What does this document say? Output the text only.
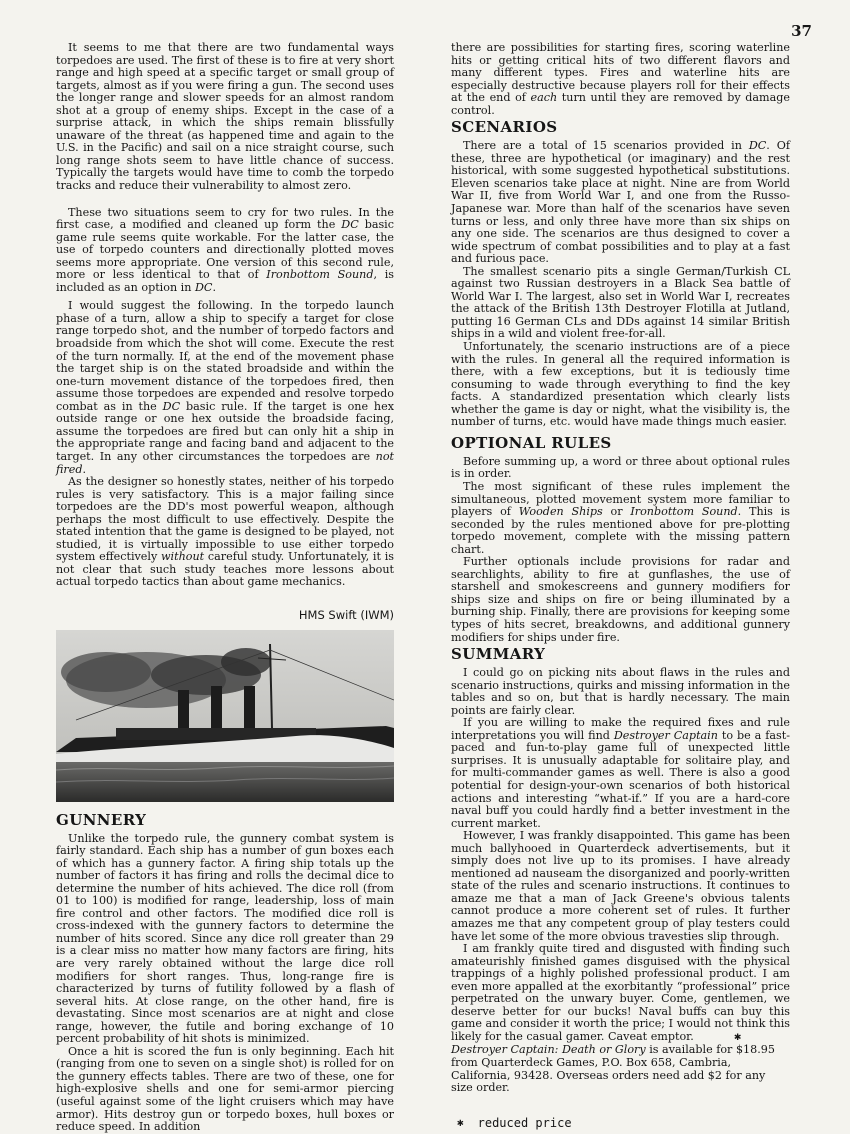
37

It seems to me that there are two fundamental ways torpedoes are used. The first of these is to fire at very short range and high speed at a specific target or small group of targets, almost as if you were firing a gun. The second uses the longer range and slower speeds for an almost random shot at a group of enemy ships. Except in the case of a surprise attack, in which the ships remain blissfully unaware of the threat (as happened time and again to the U.S. in the Pacific) and sail on a nice straight course, such long range shots seem to have little chance of success. Typically the targets would have time to comb the torpedo tracks and reduce their vulnerability to almost zero.

These two situations seem to cry for two rules. In the first case, a modified and cleaned up form the DC basic game rule seems quite workable. For the latter case, the use of torpedo counters and directionally plotted moves seems more appropriate. One version of this second rule, more or less identical to that of Ironbottom Sound, is included as an option in DC.

I would suggest the following. In the torpedo launch phase of a turn, allow a ship to specify a target for close range torpedo shot, and the number of torpedo factors and broadside from which the shot will come. Execute the rest of the turn normally. If, at the end of the movement phase the target ship is on the stated broadside and within the one-turn movement distance of the torpedoes fired, then assume those torpedoes are expended and resolve torpedo combat as in the DC basic rule. If the target is one hex outside range or one hex outside the broadside facing, assume the torpedoes are fired but can only hit a ship in the appropriate range and facing band and adjacent to the target. In any other circumstances the torpedoes are not fired.

As the designer so honestly states, neither of his torpedo rules is very satisfactory. This is a major failing since torpedoes are the DD's most powerful weapon, although perhaps the most difficult to use effectively. Despite the stated intention that the game is designed to be played, not studied, it is virtually impossible to use either torpedo system effectively without careful study. Unfortunately, it is not clear that such study teaches more lessons about actual torpedo tactics than about game mechanics.

HMS Swift (IWM)

GUNNERY

Unlike the torpedo rule, the gunnery combat system is fairly standard. Each ship has a number of gun boxes each of which has a gunnery factor. A firing ship totals up the number of factors it has firing and rolls the decimal dice to determine the number of hits achieved. The dice roll (from 01 to 100) is modified for range, leadership, loss of main fire control and other factors. The modified dice roll is cross-indexed with the gunnery factors to determine the number of hits scored. Since any dice roll greater than 29 is a clear miss no matter how many factors are firing, hits are very rarely obtained without the large dice roll modifiers for short ranges. Thus, long-range fire is characterized by turns of futility followed by a flash of several hits. At close range, on the other hand, fire is devastating. Since most scenarios are at night and close range, however, the futile and boring exchange of 10 percent probability of hit shots is minimized.

Once a hit is scored the fun is only beginning. Each hit (ranging from one to seven on a single shot) is rolled for on the gunnery effects tables. There are two of these, one for high-explosive shells and one for semi-armor piercing (useful against some of the light cruisers which may have armor). Hits destroy gun or torpedo boxes, hull boxes or reduce speed. In addition

there are possibilities for starting fires, scoring waterline hits or getting critical hits of two different flavors and many different types. Fires and waterline hits are especially destructive because players roll for their effects at the end of each turn until they are removed by damage control.

SCENARIOS

There are a total of 15 scenarios provided in DC. Of these, three are hypothetical (or imaginary) and the rest historical, with some suggested hypothetical substitutions. Eleven scenarios take place at night. Nine are from World War II, five from World War I, and one from the Russo-Japanese war. More than half of the scenarios have seven turns or less, and only three have more than six ships on any one side. The scenarios are thus designed to cover a wide spectrum of combat possibilities and to play at a fast and furious pace.

The smallest scenario pits a single German/Turkish CL against two Russian destroyers in a Black Sea battle of World War I. The largest, also set in World War I, recreates the attack of the British 13th Destroyer Flotilla at Jutland, putting 16 German CLs and DDs against 14 similar British ships in a wild and violent free-for-all.

Unfortunately, the scenario instructions are of a piece with the rules. In general all the required information is there, with a few exceptions, but it is tediously time consuming to wade through everything to find the key facts. A standardized presentation which clearly lists whether the game is day or night, what the visibility is, the number of turns, etc. would have made things much easier.

OPTIONAL RULES

Before summing up, a word or three about optional rules is in order.

The most significant of these rules implement the simultaneous, plotted movement system more familiar to players of Wooden Ships or Ironbottom Sound. This is seconded by the rules mentioned above for pre-plotting torpedo movement, complete with the missing pattern chart.

Further optionals include provisions for radar and searchlights, ability to fire at gunflashes, the use of starshell and smokescreens and gunnery modifiers for ships size and ships on fire or being illuminated by a burning ship. Finally, there are provisions for keeping some types of hits secret, breakdowns, and additional gunnery modifiers for ships under fire.

SUMMARY

I could go on picking nits about flaws in the rules and scenario instructions, quirks and missing information in the tables and so on, but that is hardly necessary. The main points are fairly clear.

If you are willing to make the required fixes and rule interpretations you will find Destroyer Captain to be a fast-paced and fun-to-play game full of unexpected little surprises. It is unusually adaptable for solitaire play, and for multi-commander games as well. There is also a good potential for design-your-own scenarios of both historical actions and interesting “what-if.” If you are a hard-core naval buff you could hardly find a better investment in the current market.

However, I was frankly disappointed. This game has been much ballyhooed in Quarterdeck advertisements, but it simply does not live up to its promises. I have already mentioned ad nauseam the disorganized and poorly-written state of the rules and scenario instructions. It continues to amaze me that a man of Jack Greene's obvious talents cannot produce a more coherent set of rules. It further amazes me that any competent group of play testers could have let some of the more obvious travesties slip through.

I am frankly quite tired and disgusted with finding such amateurishly finished games disguised with the physical trappings of a highly polished professional product. I am even more appalled at the exorbitantly “professional” price perpetrated on the unwary buyer. Come, gentlemen, we deserve better for our bucks! Naval buffs can buy this game and consider it worth the price; I would not think this likely for the casual gamer. Caveat emptor.	✱

Destroyer Captain: Death or Glory is available for $18.95 from Quarterdeck Games, P.O. Box 658, Cambria, California, 93428. Overseas orders need add $2 for any size order.

✱ reduced price
